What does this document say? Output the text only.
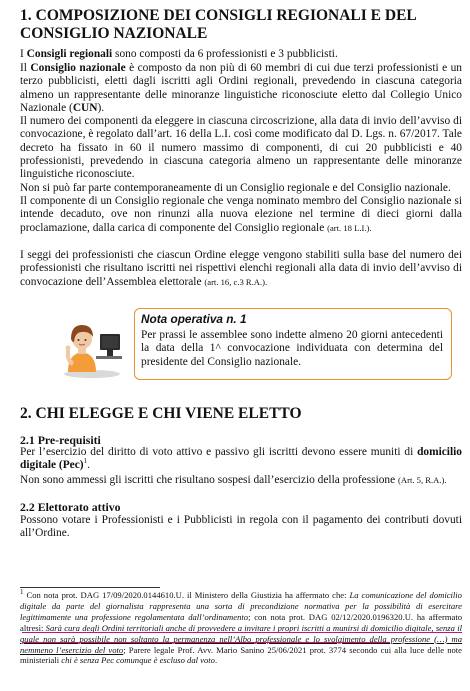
1. COMPOSIZIONE DEI CONSIGLI REGIONALI E DEL CONSIGLIO NAZIONALE

I Consigli regionali sono composti da 6 professionisti e 3 pubblicisti.

Il Consiglio nazionale è composto da non più di 60 membri di cui due terzi professionisti e un terzo pubblicisti, eletti dagli iscritti agli Ordini regionali, prevedendo in ciascuna categoria almeno un rappresentante delle minoranze linguistiche riconosciute eletto dal Collegio Unico Nazionale (CUN).

Il numero dei componenti da eleggere in ciascuna circoscrizione, alla data di invio dell’avviso di convocazione, è regolato dall’art. 16 della L.I. così come modificato dal D. Lgs. n. 67/2017. Tale decreto ha fissato in 60 il numero massimo di componenti, di cui 20 pubblicisti e 40 professionisti, prevedendo in ciascuna categoria almeno un rappresentante delle minoranze linguistiche riconosciute.

Non si può far parte contemporaneamente di un Consiglio regionale e del Consiglio nazionale.

Il componente di un Consiglio regionale che venga nominato membro del Consiglio nazionale si intende decaduto, ove non rinunzi alla nuova elezione nel termine di dieci giorni dalla proclamazione, dalla carica di componente del Consiglio regionale (art. 18 L.I.).

I seggi dei professionisti che ciascun Ordine elegge vengono stabiliti sulla base del numero dei professionisti che risultano iscritti nei rispettivi elenchi regionali alla data di invio dell’avviso di convocazione dell’Assemblea elettorale (art. 16, c.3 R.A.).

Nota operativa n. 1
Per prassi le assemblee sono indette almeno 20 giorni antecedenti la data della 1^ convocazione individuata con determina del presidente del Consiglio nazionale.
2. CHI ELEGGE E CHI VIENE ELETTO
2.1 Pre-requisiti

Per l’esercizio del diritto di voto attivo e passivo gli iscritti devono essere muniti di domicilio digitale (Pec)$^1$.

Non sono ammessi gli iscritti che risultano sospesi dall’esercizio della professione (Art. 5, R.A.).

2.2 Elettorato attivo

Possono votare i Professionisti e i Pubblicisti in regola con il pagamento dei contributi dovuti all’Ordine.

$^1$ Con nota prot. DAG 17/09/2020.0144610.U. il Ministero della Giustizia ha affermato che: La comunicazione del domicilio digitale da parte del giornalista rappresenta una sorta di precondizione normativa per la possibilità di esercitare legittimamente una professione regolamentata dall’ordinamento; con nota prot. DAG 02/12/2020.0196320.U. ha affermato altresì: Sarà cura degli Ordini territoriali anche di provvedere a invitare i propri iscritti a munirsi di domicilio digitale, senza il quale non sarà possibile non soltanto la permanenza nell’Albo professionale e lo svolgimento della professione (…) ma nemmeno l’esercizio del voto; Parere legale Prof. Avv. Mario Sanino 25/06/2021 prot. 3774 secondo cui alla luce delle note ministeriali chi è senza Pec comunque è escluso dal voto.
